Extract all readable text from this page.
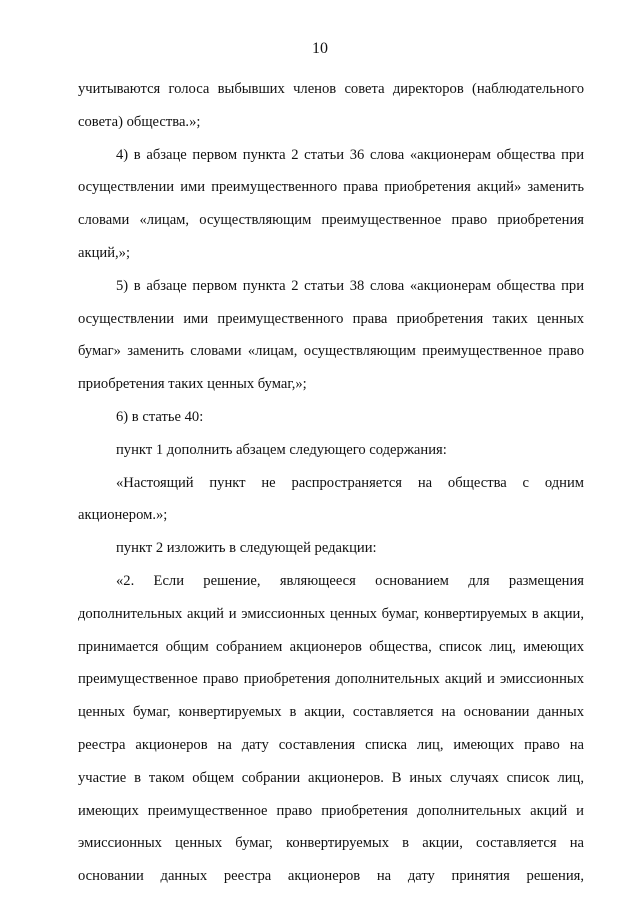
10
учитываются голоса выбывших членов совета директоров (наблюдательного
совета) общества.»;
4) в абзаце первом пункта 2 статьи 36 слова «акционерам общества при
осуществлении ими преимущественного права приобретения акций» заменить
словами «лицам, осуществляющим преимущественное право приобретения
акций,»;
5) в абзаце первом пункта 2 статьи 38 слова «акционерам общества при
осуществлении ими преимущественного права приобретения таких ценных
бумаг» заменить словами «лицам, осуществляющим преимущественное право
приобретения таких ценных бумаг,»;
6) в статье 40:
пункт 1 дополнить абзацем следующего содержания:
«Настоящий пункт не распространяется на общества с одним
акционером.»;
пункт 2 изложить в следующей редакции:
«2. Если решение, являющееся основанием для размещения
дополнительных акций и эмиссионных ценных бумаг, конвертируемых в акции,
принимается общим собранием акционеров общества, список лиц, имеющих
преимущественное право приобретения дополнительных акций и эмиссионных
ценных бумаг, конвертируемых в акции, составляется на основании данных
реестра акционеров на дату составления списка лиц, имеющих право на
участие в таком общем собрании акционеров. В иных случаях список лиц,
имеющих преимущественное право приобретения дополнительных акций и
эмиссионных ценных бумаг, конвертируемых в акции, составляется на
основании данных реестра акционеров на дату принятия решения,
